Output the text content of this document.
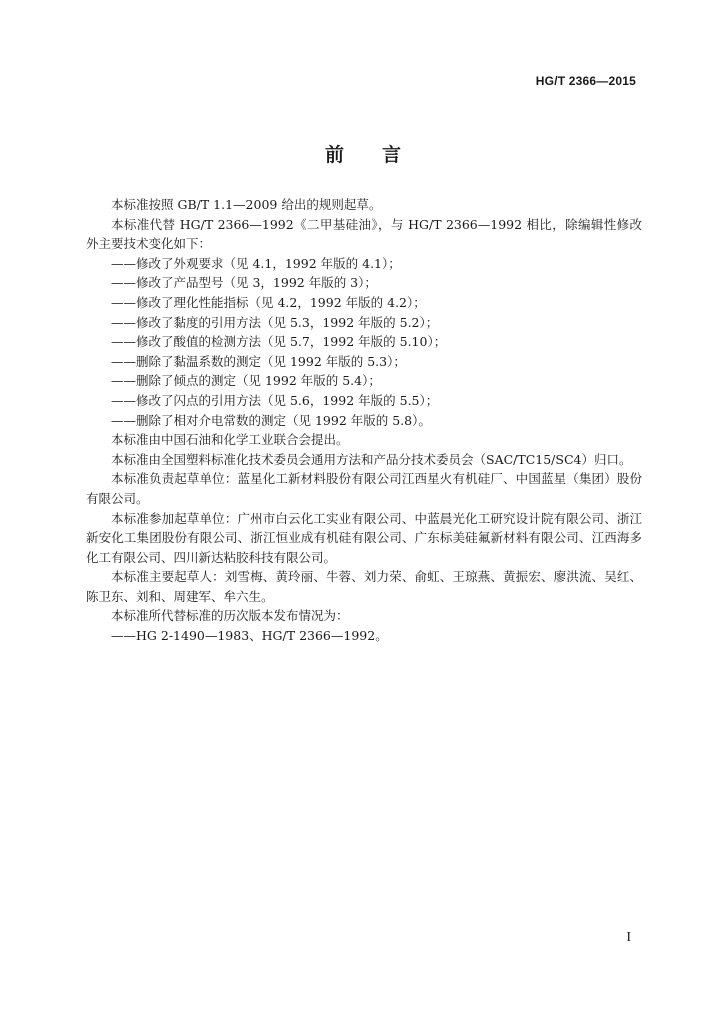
HG/T 2366—2015
前言

本标准按照 GB/T 1.1—2009 给出的规则起草。

本标准代替 HG/T 2366—1992《二甲基硅油》，与 HG/T 2366—1992 相比，除编辑性修改外主要技术变化如下：

——修改了外观要求（见 4.1，1992 年版的 4.1）；

——修改了产品型号（见 3，1992 年版的 3）；

——修改了理化性能指标（见 4.2，1992 年版的 4.2）；

——修改了黏度的引用方法（见 5.3，1992 年版的 5.2）；

——修改了酸值的检测方法（见 5.7，1992 年版的 5.10）；

——删除了黏温系数的测定（见 1992 年版的 5.3）；

——删除了倾点的测定（见 1992 年版的 5.4）；

——修改了闪点的引用方法（见 5.6，1992 年版的 5.5）；

——删除了相对介电常数的测定（见 1992 年版的 5.8）。

本标准由中国石油和化学工业联合会提出。

本标准由全国塑料标准化技术委员会通用方法和产品分技术委员会（SAC/TC15/SC4）归口。

本标准负责起草单位：蓝星化工新材料股份有限公司江西星火有机硅厂、中国蓝星（集团）股份有限公司。

本标准参加起草单位：广州市白云化工实业有限公司、中蓝晨光化工研究设计院有限公司、浙江新安化工集团股份有限公司、浙江恒业成有机硅有限公司、广东标美硅氟新材料有限公司、江西海多化工有限公司、四川新达粘胶科技有限公司。

本标准主要起草人：刘雪梅、黄玲丽、牛蓉、刘力荣、俞虹、王琼燕、黄振宏、廖洪流、吴红、陈卫东、刘和、周建军、牟六生。

本标准所代替标准的历次版本发布情况为：

——HG 2-1490—1983、HG/T 2366—1992。

I
